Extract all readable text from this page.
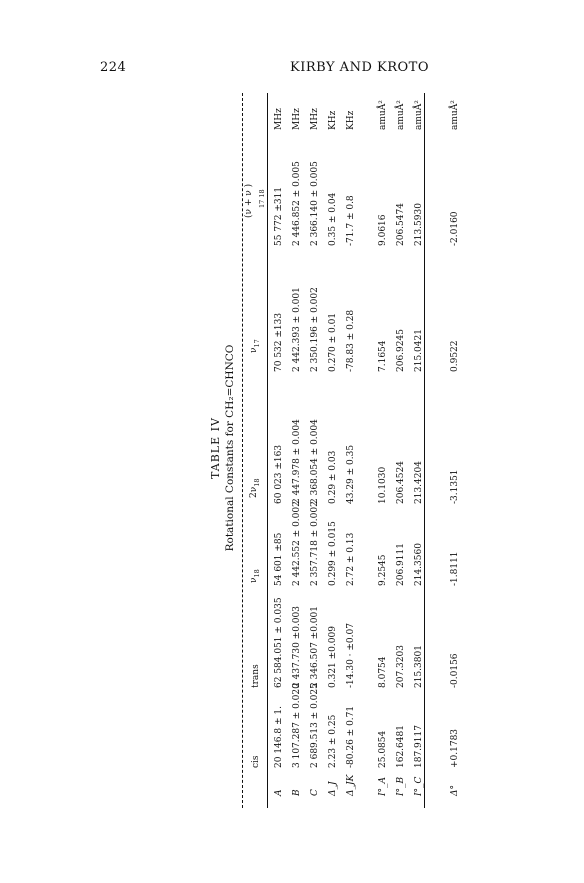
224	KIRBY AND KROTO
TABLE IV Rotational Constants for CH₂=CHNCO
cis
trans
$\nu_{18}$
$2\nu_{18}$
$\nu_{17}$
(ν + ν ) $_{17 18}$
A
20 146.8 ± 1.
62 584.051 ± 0.035
54 601 ±85
60 023 ±163
70 532 ±133
55 772 ±311
MHz
B
3 107.287 ± 0.020
2 437.730 ±0.003
2 442.552 ± 0.002
2 447.978 ± 0.004
2 442.393 ± 0.001
2 446.852 ± 0.005
MHz
C
2 689.513 ± 0.025
2 346.507 ±0.001
2 357.718 ± 0.002
2 368.054 ± 0.004
2 350.196 ± 0.002
2 366.140 ± 0.005
MHz
Δ_J
2.23 ± 0.25
0.321 ±0.009
0.299 ± 0.015
0.29 ± 0.03
0.270 ± 0.01
0.35 ± 0.04
KHz
Δ_JK
-80.26 ± 0.71
-14.30 · ±0.07
2.72 ± 0.13
43.29 ± 0.35
-78.83 ± 0.28
-71.7 ± 0.8
KHz
I°_A
25.0854
8.0754
9.2545
10.1030
7.1654
9.0616
amuÅ²
I°_B
162.6481
207.3203
206.9111
206.4524
206.9245
206.5474
amuÅ²
I°_C
187.9117
215.3801
214.3560
213.4204
215.0421
213.5930
amuÅ²
Δ°
+0.1783
-0.0156
-1.8111
-3.1351
0.9522
-2.0160
amuÅ²
